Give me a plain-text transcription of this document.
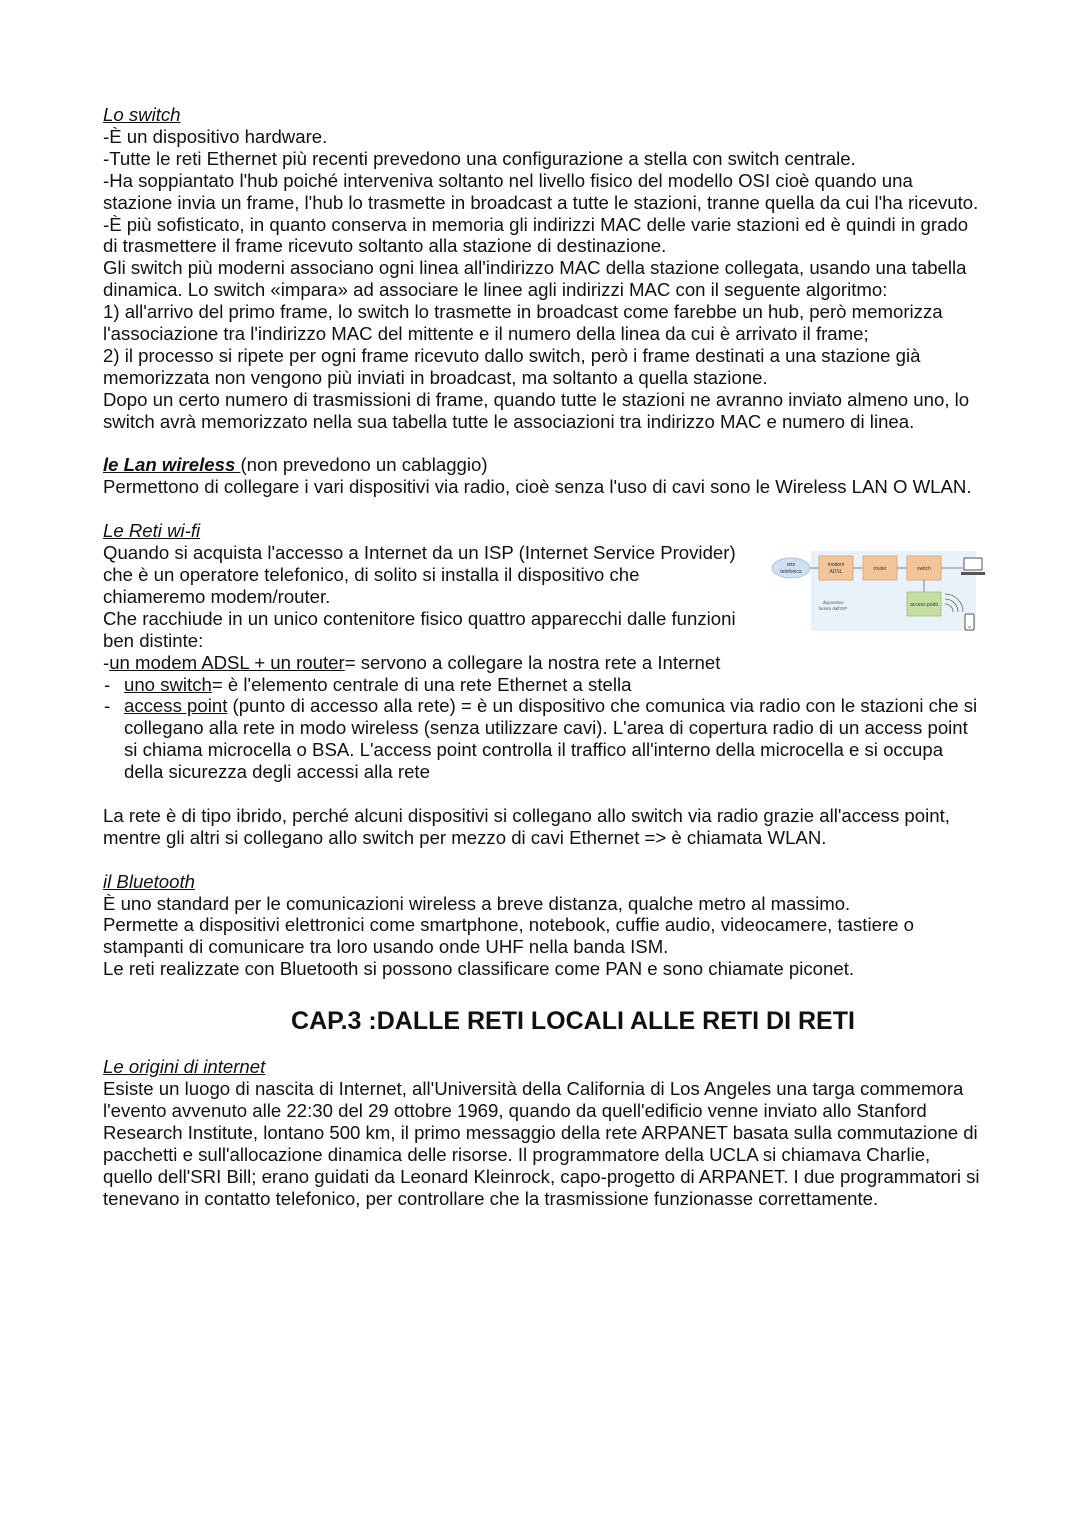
Lo switch

-È un dispositivo hardware.

-Tutte le reti Ethernet più recenti prevedono una configurazione a stella con switch centrale.

-Ha soppiantato l'hub poiché interveniva soltanto nel livello fisico del modello OSI cioè quando una stazione invia un frame, l'hub lo trasmette in broadcast a tutte le stazioni, tranne quella da cui l'ha ricevuto.

-È più sofisticato, in quanto conserva in memoria gli indirizzi MAC delle varie stazioni ed è quindi in grado di trasmettere il frame ricevuto soltanto alla stazione di destinazione.

Gli switch più moderni associano ogni linea all'indirizzo MAC della stazione collegata, usando una tabella dinamica. Lo switch «impara» ad associare le linee agli indirizzi MAC con il seguente algoritmo:

1) all'arrivo del primo frame, lo switch lo trasmette in broadcast come farebbe un hub, però memorizza l'associazione tra l'indirizzo MAC del mittente e il numero della linea da cui è arrivato il frame;

2) il processo si ripete per ogni frame ricevuto dallo switch, però i frame destinati a una stazione già memorizzata non vengono più inviati in broadcast, ma soltanto a quella stazione.

Dopo un certo numero di trasmissioni di frame, quando tutte le stazioni ne avranno inviato almeno uno, lo switch avrà memorizzato nella sua tabella tutte le associazioni tra indirizzo MAC e numero di linea.

le Lan wireless (non prevedono un cablaggio)

Permettono di collegare i vari dispositivi via radio, cioè senza l'uso di cavi sono le Wireless LAN O WLAN.

Le Reti wi-fi

Quando si acquista l'accesso a Internet da un ISP (Internet Service Provider) che è un operatore telefonico, di solito si installa il dispositivo che chiameremo modem/router.

Che racchiude in un unico contenitore fisico quattro apparecchi dalle funzioni ben distinte:

-un modem ADSL + un router= servono a collegare la nostra rete a Internet

- uno switch= è l'elemento centrale di una rete Ethernet a stella

- access point (punto di accesso alla rete) = è un dispositivo che comunica via radio con le stazioni che si collegano alla rete in modo wireless (senza utilizzare cavi). L'area di copertura radio di un access point si chiama microcella o BSA. L'access point controlla il traffico all'interno della microcella e si occupa della sicurezza degli accessi alla rete

La rete è di tipo ibrido, perché alcuni dispositivi si collegano allo switch via radio grazie all'access point, mentre gli altri si collegano allo switch per mezzo di cavi Ethernet => è chiamata WLAN.

rete
telefonica
modem
ADSL	router	switch
access point
dispositivo
fornito dall'ISP

il Bluetooth

È uno standard per le comunicazioni wireless a breve distanza, qualche metro al massimo.

Permette a dispositivi elettronici come smartphone, notebook, cuffie audio, videocamere, tastiere o stampanti di comunicare tra loro usando onde UHF nella banda ISM.

Le reti realizzate con Bluetooth si possono classificare come PAN e sono chiamate piconet.

CAP.3 :DALLE RETI LOCALI ALLE RETI DI RETI

Le origini di internet

Esiste un luogo di nascita di Internet, all'Università della California di Los Angeles una targa commemora l'evento avvenuto alle 22:30 del 29 ottobre 1969, quando da quell'edificio venne inviato allo Stanford Research Institute, lontano 500 km, il primo messaggio della rete ARPANET basata sulla commutazione di pacchetti e sull'allocazione dinamica delle risorse. Il programmatore della UCLA si chiamava Charlie, quello dell'SRI Bill; erano guidati da Leonard Kleinrock, capo-progetto di ARPANET. I due programmatori si tenevano in contatto telefonico, per controllare che la trasmissione funzionasse correttamente.
